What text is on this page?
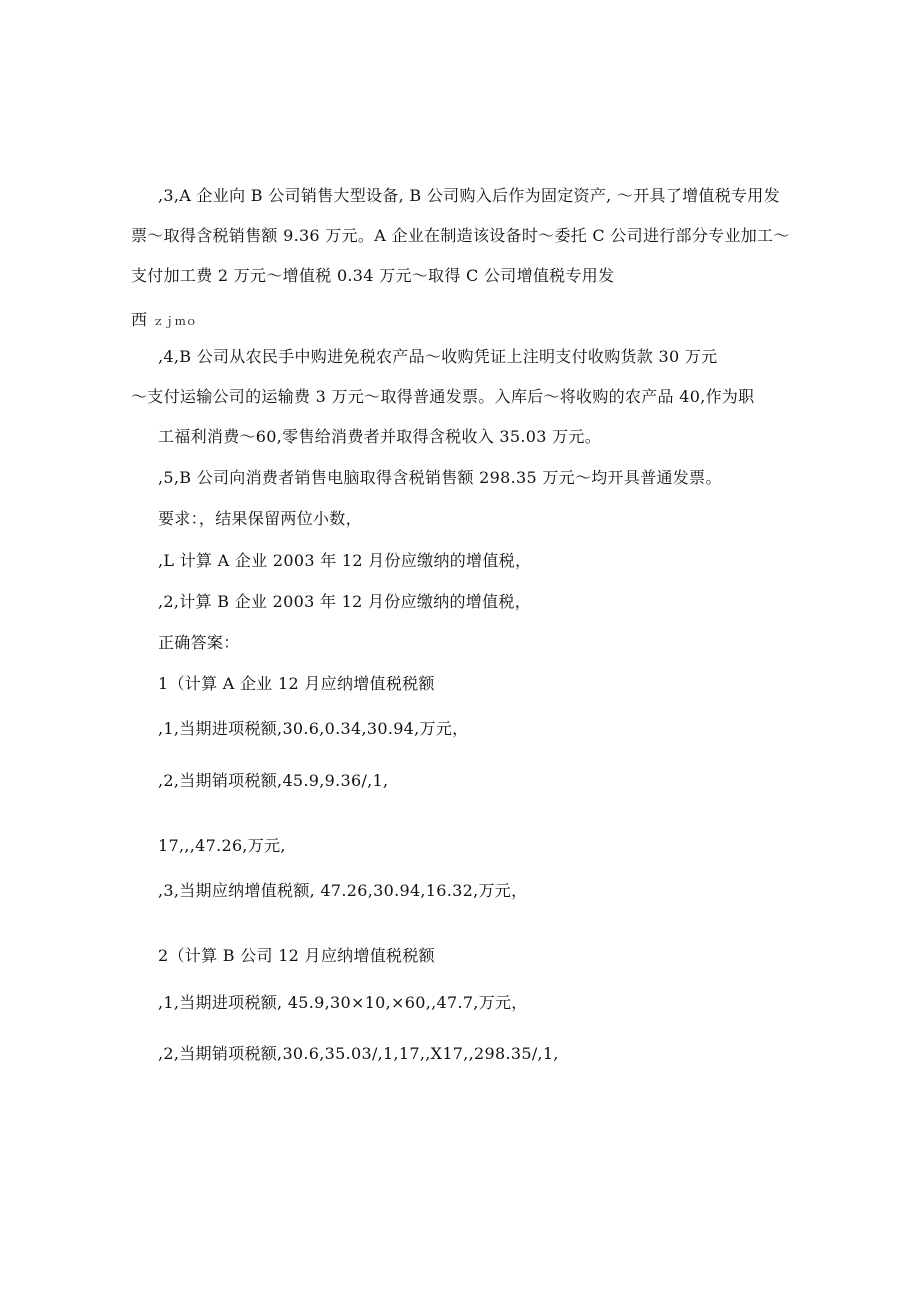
,3,A 企业向 B 公司销售大型设备, B 公司购入后作为固定资产, ～开具了增值税专用发
票～取得含税销售额 9.36 万元。A 企业在制造该设备时～委托 C 公司进行部分专业加工～
支付加工费 2 万元～增值税 0.34 万元～取得 C 公司增值税专用发
西 ｚｊｍｏ
,4,B 公司从农民手中购进免税农产品～收购凭证上注明支付收购货款 30 万元
～支付运输公司的运输费 3 万元～取得普通发票。入库后～将收购的农产品 40,作为职
工福利消费～60,零售给消费者并取得含税收入 35.03 万元。
,5,B 公司向消费者销售电脑取得含税销售额 298.35 万元～均开具普通发票。
要求：，结果保留两位小数，
,L 计算 A 企业 2003 年 12 月份应缴纳的增值税，
,2,计算 B 企业 2003 年 12 月份应缴纳的增值税，
正确答案：
1（计算 A 企业 12 月应纳增值税税额
,1,当期进项税额,30.6,0.34,30.94,万元，
,2,当期销项税额,45.9,9.36/,1,
17,,,47.26,万元,
,3,当期应纳增值税额, 47.26,30.94,16.32,万元，
2（计算 B 公司 12 月应纳增值税税额
,1,当期进项税额, 45.9,30×10,×60,,47.7,万元，
,2,当期销项税额,30.6,35.03/,1,17,,X17,,298.35/,1,
